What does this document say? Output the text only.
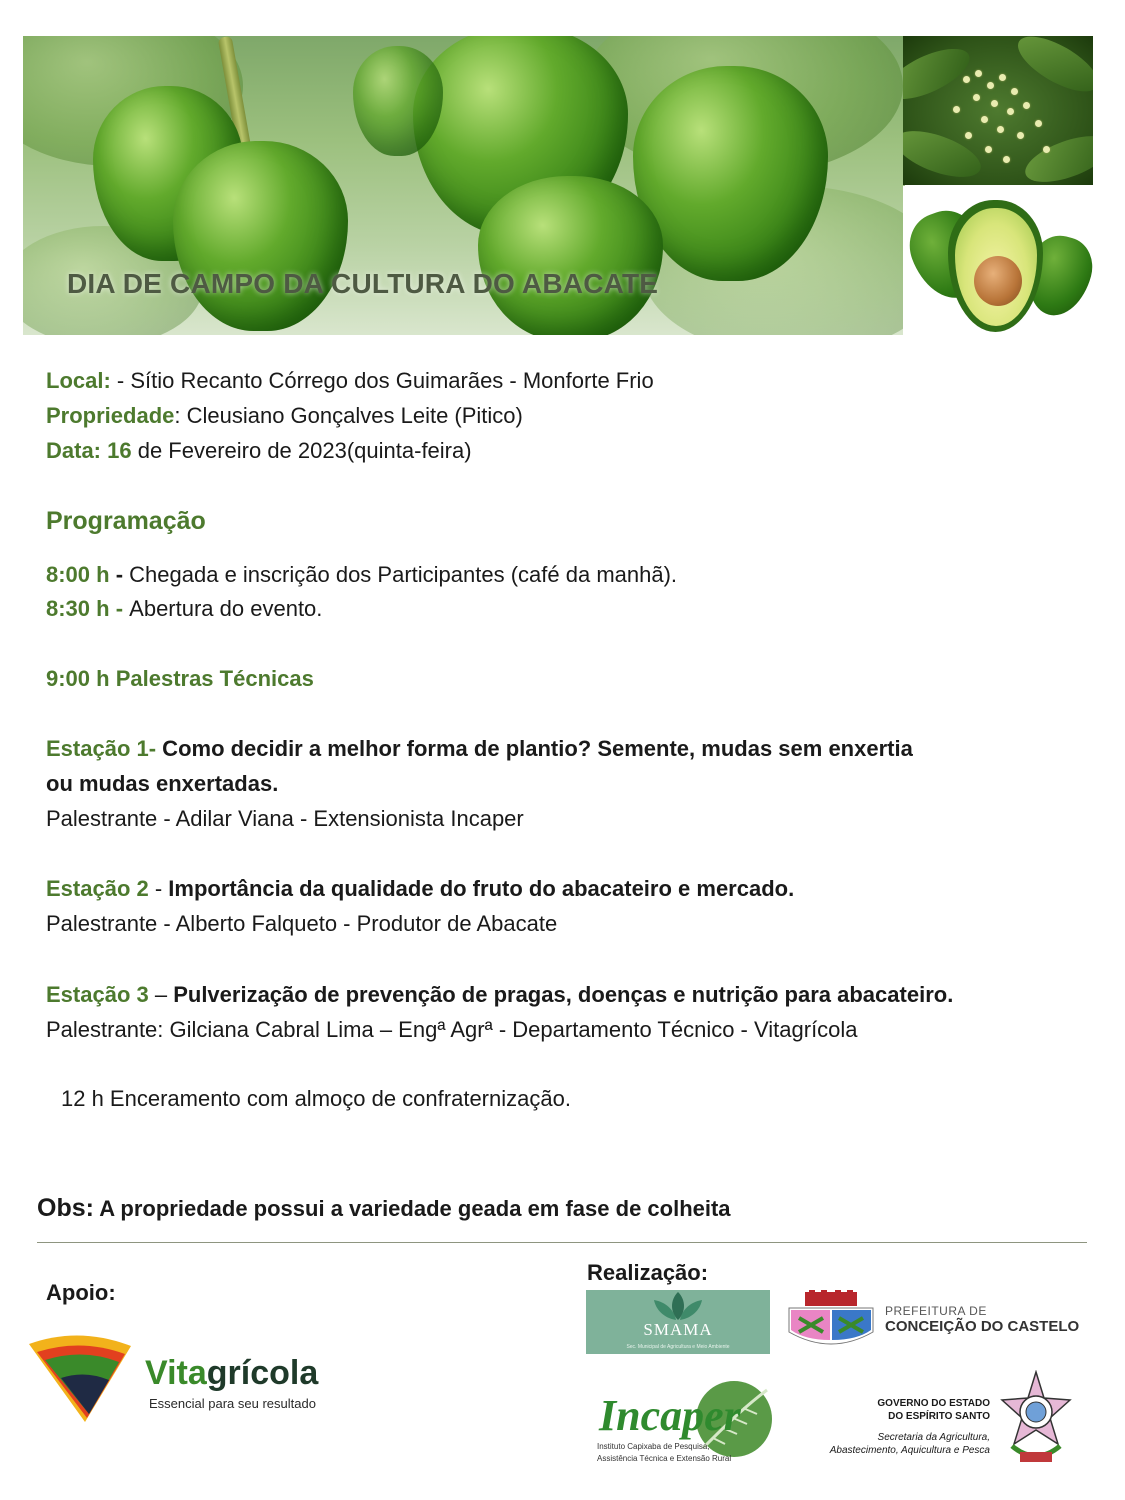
DIA DE CAMPO DA CULTURA DO ABACATE
Local: - Sítio Recanto Córrego dos Guimarães - Monforte Frio
Propriedade: Cleusiano Gonçalves Leite (Pitico)
Data: 16 de Fevereiro de 2023(quinta-feira)
Programação
8:00 h - Chegada e inscrição dos Participantes (café da manhã).
8:30 h - Abertura do evento.
9:00 h Palestras Técnicas
Estação 1- Como decidir a melhor forma de plantio? Semente, mudas sem enxertia
ou mudas enxertadas.
Palestrante - Adilar Viana - Extensionista Incaper
Estação 2 - Importância da qualidade do fruto do abacateiro e mercado.
Palestrante - Alberto Falqueto - Produtor de Abacate
Estação 3 – Pulverização de prevenção de pragas, doenças e nutrição para abacateiro.
Palestrante: Gilciana Cabral Lima – Engª Agrª - Departamento Técnico - Vitagrícola
12 h Enceramento com almoço de confraternização.
Obs: A propriedade possui a variedade geada em fase de colheita
Apoio:
Realização:
Vitagrícola
Essencial para seu resultado
SMAMA
Sec. Municipal de Agricultura e Meio Ambiente
PREFEITURA DE
CONCEIÇÃO DO CASTELO
Incaper
Instituto Capixaba de Pesquisa,
Assistência Técnica e Extensão Rural
GOVERNO DO ESTADO
DO ESPÍRITO SANTO
Secretaria da Agricultura,
Abastecimento, Aquicultura e Pesca
